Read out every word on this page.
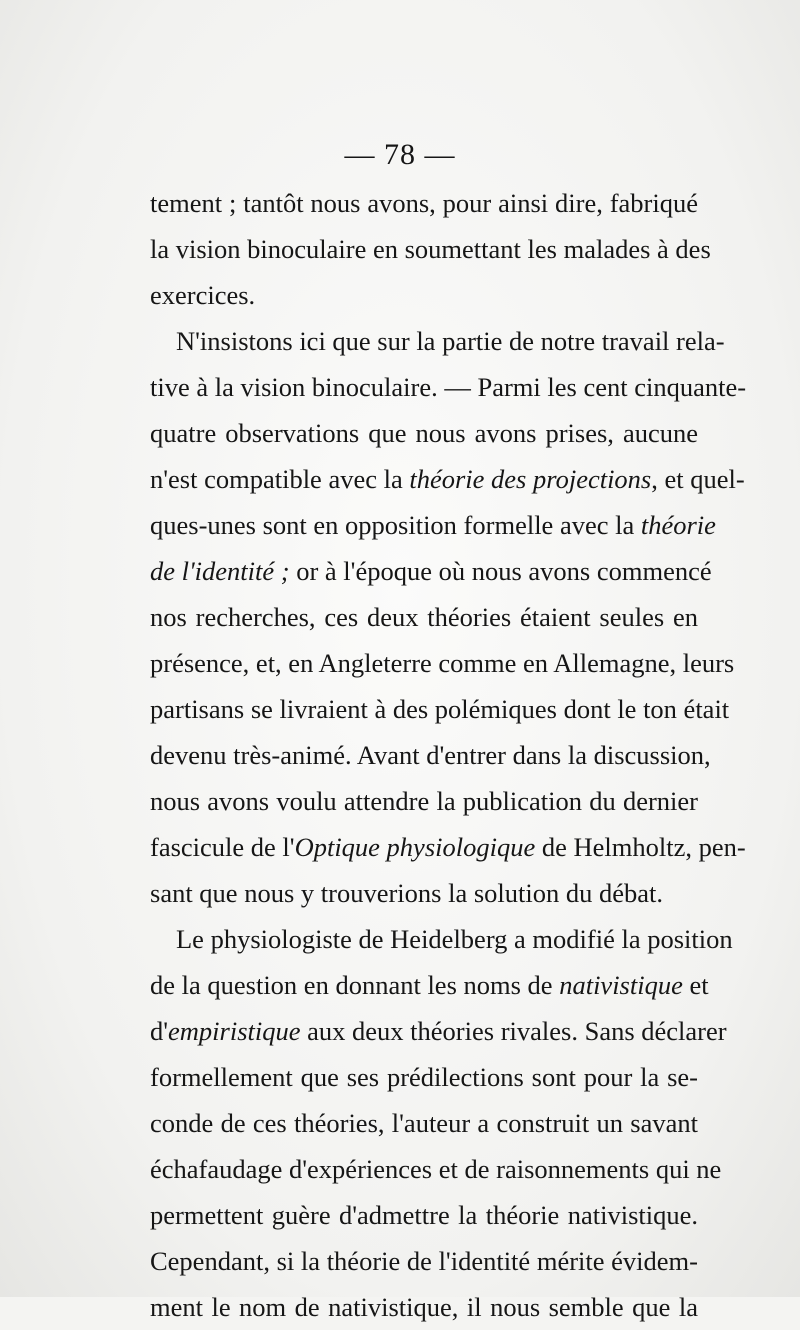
— 78 —
tement ; tantôt nous avons, pour ainsi dire, fabriqué
la vision binoculaire en soumettant les malades à des
exercices.
N'insistons ici que sur la partie de notre travail rela-
tive à la vision binoculaire. — Parmi les cent cinquante-
quatre observations que nous avons prises, aucune
n'est compatible avec la théorie des projections, et quel-
ques-unes sont en opposition formelle avec la théorie
de l'identité ; or à l'époque où nous avons commencé
nos recherches, ces deux théories étaient seules en
présence, et, en Angleterre comme en Allemagne, leurs
partisans se livraient à des polémiques dont le ton était
devenu très-animé. Avant d'entrer dans la discussion,
nous avons voulu attendre la publication du dernier
fascicule de l'Optique physiologique de Helmholtz, pen-
sant que nous y trouverions la solution du débat.
Le physiologiste de Heidelberg a modifié la position
de la question en donnant les noms de nativistique et
d'empiristique aux deux théories rivales. Sans déclarer
formellement que ses prédilections sont pour la se-
conde de ces théories, l'auteur a construit un savant
échafaudage d'expériences et de raisonnements qui ne
permettent guère d'admettre la théorie nativistique.
Cependant, si la théorie de l'identité mérite évidem-
ment le nom de nativistique, il nous semble que la
